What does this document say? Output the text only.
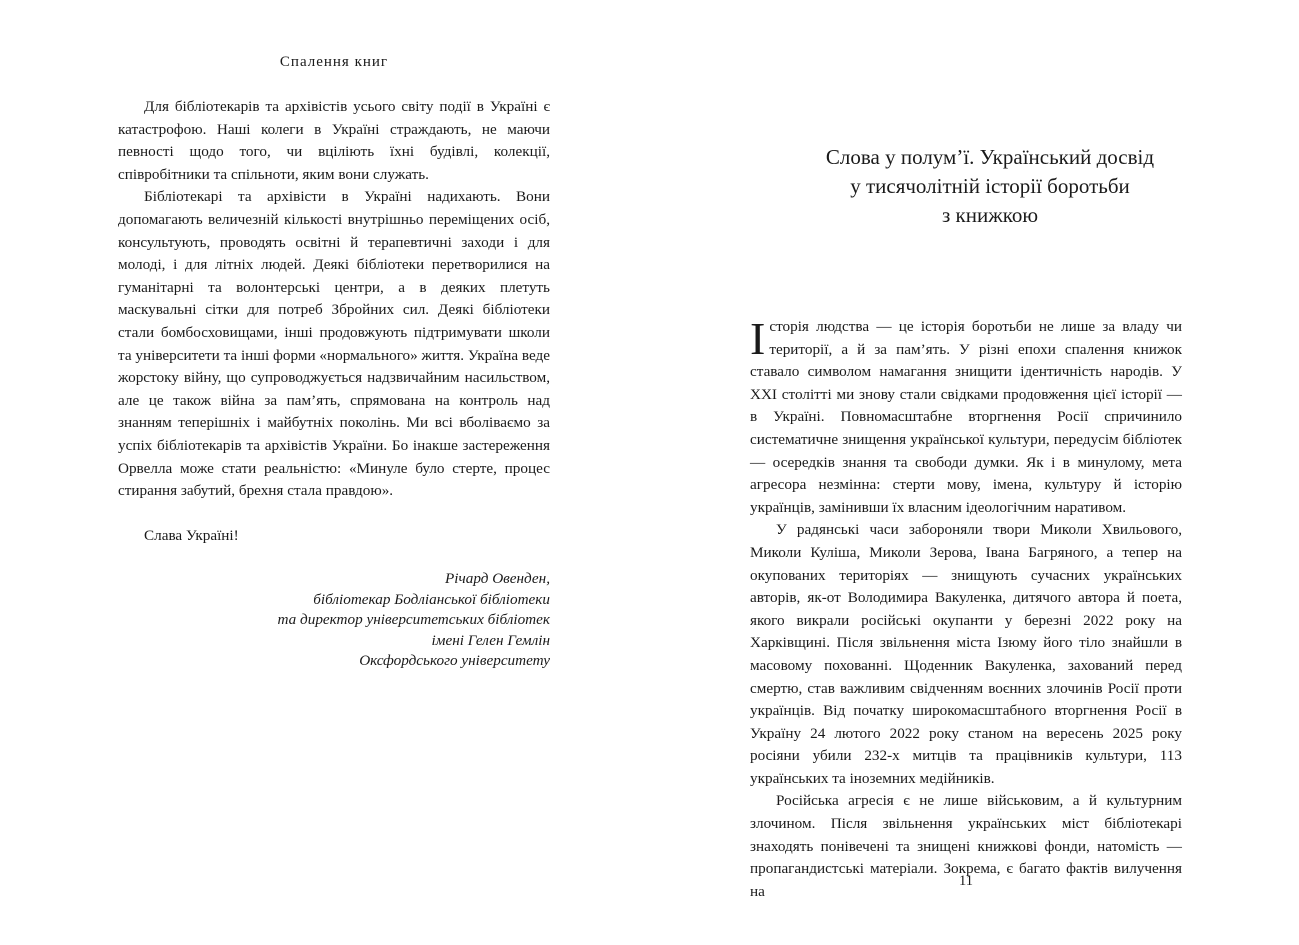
Спалення книг

Для бібліотекарів та архівістів усього світу події в Україні є катастрофою. Наші колеги в Україні страждають, не маючи певності щодо того, чи вціліють їхні будівлі, колекції, співробітники та спільноти, яким вони служать.

Бібліотекарі та архівісти в Україні надихають. Вони допомагають величезній кількості внутрішньо переміщених осіб, консультують, проводять освітні й терапевтичні заходи і для молоді, і для літніх людей. Деякі бібліотеки перетворилися на гуманітарні та волонтерські центри, а в деяких плетуть маскувальні сітки для потреб Збройних сил. Деякі бібліотеки стали бомбосховищами, інші продовжують підтримувати школи та університети та інші форми «нормального» життя. Україна веде жорстоку війну, що супроводжується надзвичайним насильством, але це також війна за пам’ять, спрямована на контроль над знанням теперішніх і майбутніх поколінь. Ми всі вболіваємо за успіх бібліотекарів та архівістів України. Бо інакше застереження Орвелла може стати реальністю: «Минуле було стерте, процес стирання забутий, брехня стала правдою».

Слава Україні!

Річард Овенден,
бібліотекар Бодліанської бібліотеки
та директор університетських бібліотек
імені Гелен Гемлін
Оксфордського університету
Слова у полум’ї. Український досвід
у тисячолітній історії боротьби
з книжкою

Історія людства — це історія боротьби не лише за владу чи території, а й за пам’ять. У різні епохи спалення книжок ставало символом намагання знищити ідентичність народів. У XXI столітті ми знову стали свідками продовження цієї історії — в Україні. Повномасштабне вторгнення Росії спричинило систематичне знищення української культури, передусім бібліотек — осередків знання та свободи думки. Як і в минулому, мета агресора незмінна: стерти мову, імена, культуру й історію українців, замінивши їх власним ідеологічним наративом.

У радянські часи забороняли твори Миколи Хвильового, Миколи Куліша, Миколи Зерова, Івана Багряного, а тепер на окупованих територіях — знищують сучасних українських авторів, як-от Володимира Вакуленка, дитячого автора й поета, якого викрали російські окупанти у березні 2022 року на Харківщині. Після звільнення міста Ізюму його тіло знайшли в масовому похованні. Щоденник Вакуленка, захований перед смертю, став важливим свідченням воєнних злочинів Росії проти українців. Від початку широкомасштабного вторгнення Росії в Україну 24 лютого 2022 року станом на вересень 2025 року росіяни убили 232-х митців та працівників культури, 113 українських та іноземних медійників.

Російська агресія є не лише військовим, а й культурним злочином. Після звільнення українських міст бібліотекарі знаходять понівечені та знищені книжкові фонди, натомість — пропагандистські матеріали. Зокрема, є багато фактів вилучення на

11
